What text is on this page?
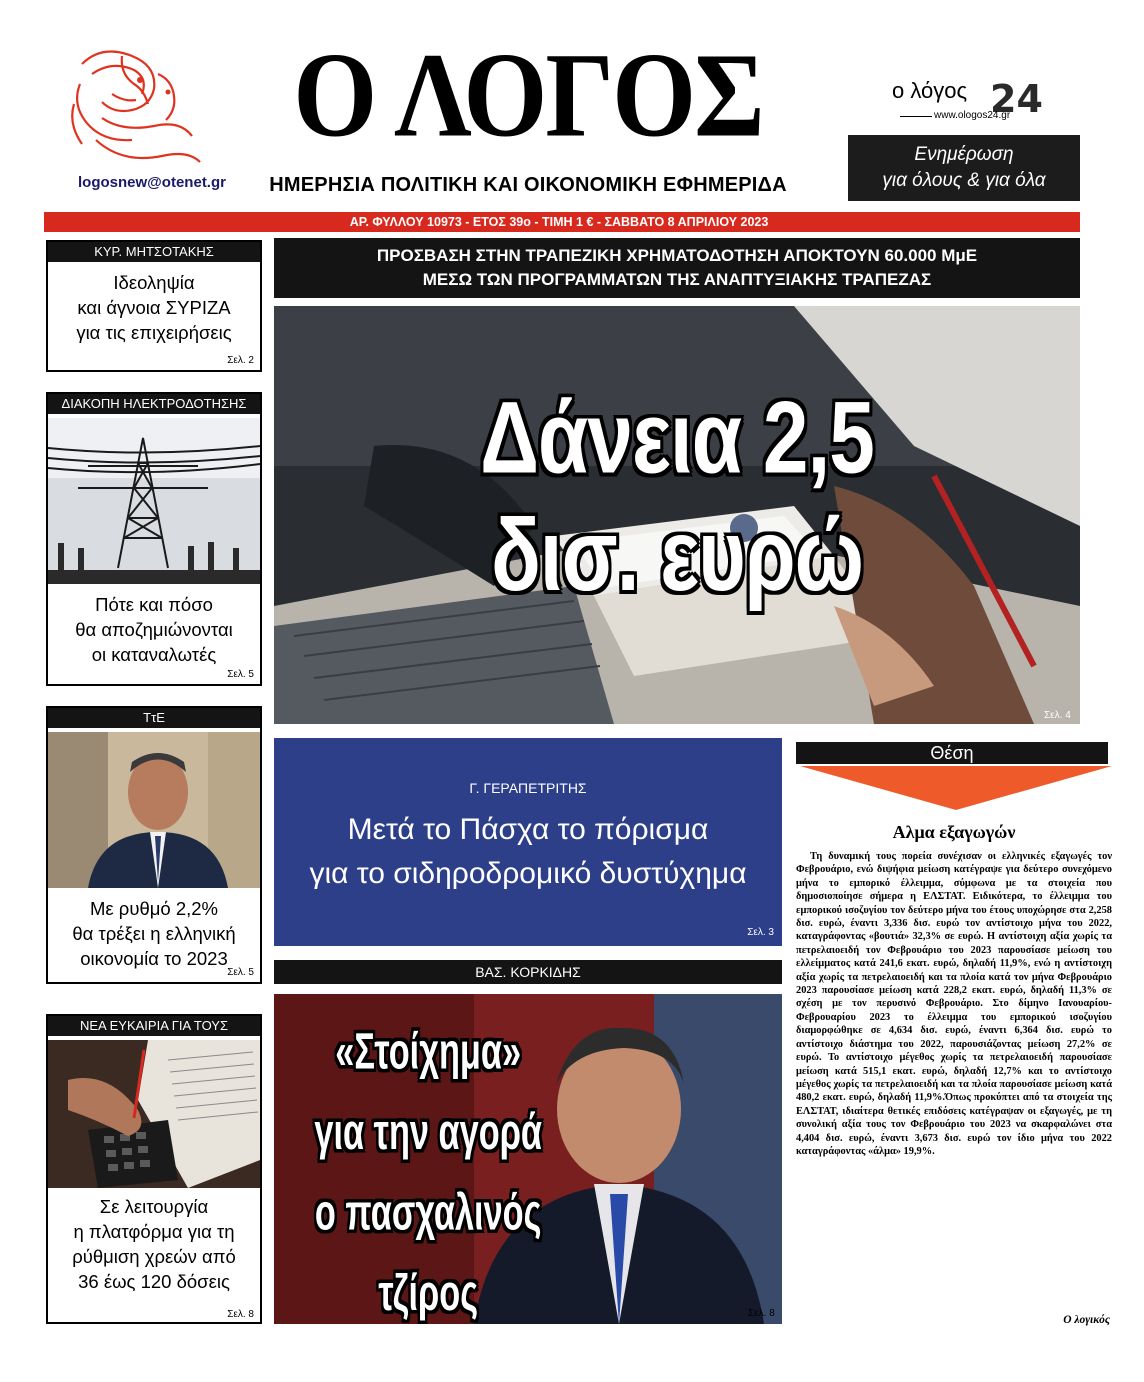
logosnew@otenet.gr
Ο ΛΟΓΟΣ
ΗΜΕΡΗΣΙΑ ΠΟΛΙΤΙΚΗ ΚΑΙ ΟΙΚΟΝΟΜΙΚΗ ΕΦΗΜΕΡΙΔΑ
ο λόγος 24
www.ologos24.gr
Ενημέρωση
για όλους & για όλα
ΑΡ. ΦΥΛΛΟΥ 10973 - ΕΤΟΣ 39ο - ΤΙΜΗ 1 € - ΣΑΒΒΑΤΟ 8 ΑΠΡΙΛΙΟΥ 2023
ΚΥΡ. ΜΗΤΣΟΤΑΚΗΣ
Ιδεοληψία
και άγνοια ΣΥΡΙΖΑ
για τις επιχειρήσεις
Σελ. 2
ΔΙΑΚΟΠΗ ΗΛΕΚΤΡΟΔΟΤΗΣΗΣ
Πότε και πόσο
θα αποζημιώνονται
οι καταναλωτές
Σελ. 5
ΤτΕ
Με ρυθμό 2,2%
θα τρέξει η ελληνική
οικονομία το 2023
Σελ. 5
ΝΕΑ ΕΥΚΑΙΡΙΑ ΓΙΑ ΤΟΥΣ
Σε λειτουργία
η πλατφόρμα για τη
ρύθμιση χρεών από
36 έως 120 δόσεις
Σελ. 8
ΠΡΟΣΒΑΣΗ ΣΤΗΝ ΤΡΑΠΕΖΙΚΗ ΧΡΗΜΑΤΟΔΟΤΗΣΗ ΑΠΟΚΤΟΥΝ 60.000 ΜμΕ
ΜΕΣΩ ΤΩΝ ΠΡΟΓΡΑΜΜΑΤΩΝ ΤΗΣ ΑΝΑΠΤΥΞΙΑΚΗΣ ΤΡΑΠΕΖΑΣ
Δάνεια 2,5
δισ. ευρώ
Σελ. 4
Γ. ΓΕΡΑΠΕΤΡΙΤΗΣ
Μετά το Πάσχα το πόρισμα
για το σιδηροδρομικό δυστύχημα
Σελ. 3
ΒΑΣ. ΚΟΡΚΙΔΗΣ
«Στοίχημα»
για την αγορά
ο πασχαλινός τζίρος	Σελ. 8
Θέση
Αλμα εξαγωγών
Τη δυναμική τους πορεία συνέχισαν οι ελληνικές εξαγωγές τον Φεβρουάριο, ενώ διψήφια μείωση κατέγραψε για δεύτερο συνεχόμενο μήνα το εμπορικό έλλειμμα, σύμφωνα με τα στοιχεία που δημοσιοποίησε σήμερα η ΕΛΣΤΑΤ. Ειδικότερα, το έλλειμμα του εμπορικού ισοζυγίου τον δεύτερο μήνα του έτους υποχώρησε στα 2,258 δισ. ευρώ, έναντι 3,336 δισ. ευρώ τον αντίστοιχο μήνα του 2022, καταγράφοντας «βουτιά» 32,3% σε ευρώ. Η αντίστοιχη αξία χωρίς τα πετρελαιοειδή τον Φεβρουάριο του 2023 παρουσίασε μείωση του ελλείμματος κατά 241,6 εκατ. ευρώ, δηλαδή 11,9%, ενώ η αντίστοιχη αξία χωρίς τα πετρελαιοειδή και τα πλοία κατά τον μήνα Φεβρουάριο 2023 παρουσίασε μείωση κατά 228,2 εκατ. ευρώ, δηλαδή 11,3% σε σχέση με τον περυσινό Φεβρουάριο. Στο δίμηνο Ιανουαρίου-Φεβρουαρίου 2023 το έλλειμμα του εμπορικού ισοζυγίου διαμορφώθηκε σε 4,634 δισ. ευρώ, έναντι 6,364 δισ. ευρώ το αντίστοιχο διάστημα του 2022, παρουσιάζοντας μείωση 27,2% σε ευρώ. Το αντίστοιχο μέγεθος χωρίς τα πετρελαιοειδή παρουσίασε μείωση κατά 515,1 εκατ. ευρώ, δηλαδή 12,7% και το αντίστοιχο μέγεθος χωρίς τα πετρελαιοειδή και τα πλοία παρουσίασε μείωση κατά 480,2 εκατ. ευρώ, δηλαδή 11,9%.Όπως προκύπτει από τα στοιχεία της ΕΛΣΤΑΤ, ιδιαίτερα θετικές επιδόσεις κατέγραψαν οι εξαγωγές, με τη συνολική αξία τους τον Φεβρουάριο του 2023 να σκαρφαλώνει στα 4,404 δισ. ευρώ, έναντι 3,673 δισ. ευρώ τον ίδιο μήνα του 2022 καταγράφοντας «άλμα» 19,9%.
Ο λογικός
